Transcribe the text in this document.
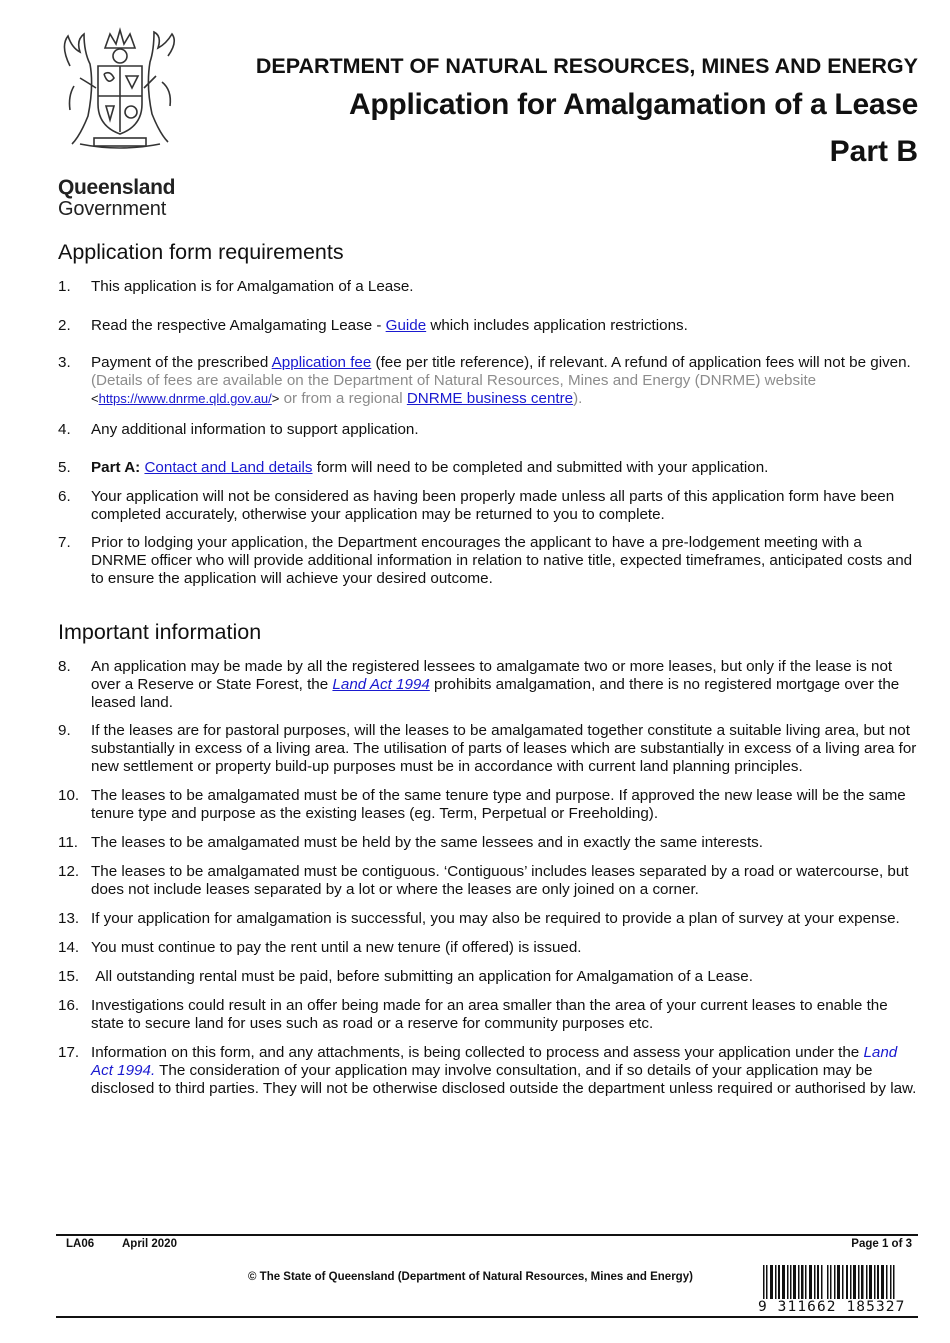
Queensland
Government
DEPARTMENT OF NATURAL RESOURCES, MINES AND ENERGY
Application for Amalgamation of a Lease
Part B
Application form requirements
1. This application is for Amalgamation of a Lease.
2. Read the respective Amalgamating Lease - Guide which includes application restrictions.
3. Payment of the prescribed Application fee (fee per title reference), if relevant. A refund of application fees will not be given. (Details of fees are available on the Department of Natural Resources, Mines and Energy (DNRME) website <https://www.dnrme.qld.gov.au/> or from a regional DNRME business centre).
4. Any additional information to support application.
5. Part A: Contact and Land details form will need to be completed and submitted with your application.
6. Your application will not be considered as having been properly made unless all parts of this application form have been completed accurately, otherwise your application may be returned to you to complete.
7. Prior to lodging your application, the Department encourages the applicant to have a pre-lodgement meeting with a DNRME officer who will provide additional information in relation to native title, expected timeframes, anticipated costs and to ensure the application will achieve your desired outcome.
Important information
8. An application may be made by all the registered lessees to amalgamate two or more leases, but only if the lease is not over a Reserve or State Forest, the Land Act 1994 prohibits amalgamation, and there is no registered mortgage over the leased land.
9. If the leases are for pastoral purposes, will the leases to be amalgamated together constitute a suitable living area, but not substantially in excess of a living area. The utilisation of parts of leases which are substantially in excess of a living area for new settlement or property build-up purposes must be in accordance with current land planning principles.
10. The leases to be amalgamated must be of the same tenure type and purpose. If approved the new lease will be the same tenure type and purpose as the existing leases (eg. Term, Perpetual or Freeholding).
11. The leases to be amalgamated must be held by the same lessees and in exactly the same interests.
12. The leases to be amalgamated must be contiguous. ‘Contiguous’ includes leases separated by a road or watercourse, but does not include leases separated by a lot or where the leases are only joined on a corner.
13. If your application for amalgamation is successful, you may also be required to provide a plan of survey at your expense.
14. You must continue to pay the rent until a new tenure (if offered) is issued.
15. All outstanding rental must be paid, before submitting an application for Amalgamation of a Lease.
16. Investigations could result in an offer being made for an area smaller than the area of your current leases to enable the state to secure land for uses such as road or a reserve for community purposes etc.
17. Information on this form, and any attachments, is being collected to process and assess your application under the Land Act 1994. The consideration of your application may involve consultation, and if so details of your application may be disclosed to third parties. They will not be otherwise disclosed outside the department unless required or authorised by law.
LA06 April 2020	Page 1 of 3
© The State of Queensland (Department of Natural Resources, Mines and Energy)
9 311662 185327
